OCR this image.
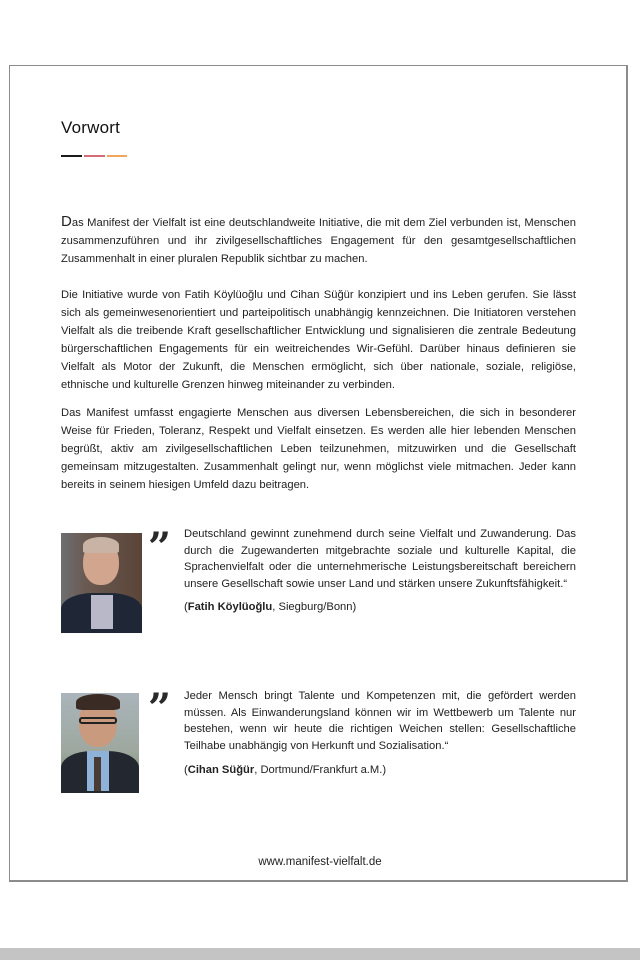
Vorwort
Das Manifest der Vielfalt ist eine deutschlandweite Initiative, die mit dem Ziel verbunden ist, Menschen zusammenzuführen und ihr zivilgesellschaftliches Engagement für den gesamtgesellschaftlichen Zusammenhalt in einer pluralen Republik sichtbar zu machen.
Die Initiative wurde von Fatih Köylüoğlu und Cihan Süğür konzipiert und ins Leben gerufen. Sie lässt sich als gemeinwesenorientiert und parteipolitisch unabhängig kennzeichnen. Die Initiatoren verstehen Vielfalt als die treibende Kraft gesellschaftlicher Entwicklung und signalisieren die zentrale Bedeutung bürgerschaftlichen Engagements für ein weitreichendes Wir-Gefühl. Darüber hinaus definieren sie Vielfalt als Motor der Zukunft, die Menschen ermöglicht, sich über nationale, soziale, religiöse, ethnische und kulturelle Grenzen hinweg miteinander zu verbinden.
Das Manifest umfasst engagierte Menschen aus diversen Lebensbereichen, die sich in besonderer Weise für Frieden, Toleranz, Respekt und Vielfalt einsetzen. Es werden alle hier lebenden Menschen begrüßt, aktiv am zivilgesellschaftlichen Leben teilzunehmen, mitzuwirken und die Gesellschaft gemeinsam mitzugestalten. Zusammenhalt gelingt nur, wenn möglichst viele mitmachen. Jeder kann bereits in seinem hiesigen Umfeld dazu beitragen.
” Deutschland gewinnt zunehmend durch seine Vielfalt und Zuwanderung. Das durch die Zugewanderten mitgebrachte soziale und kulturelle Kapital, die Sprachenvielfalt oder die unternehmerische Leistungsbereitschaft bereichern unsere Gesellschaft sowie unser Land und stärken unsere Zukunftsfähigkeit.“
(Fatih Köylüoğlu, Siegburg/Bonn)
” Jeder Mensch bringt Talente und Kompetenzen mit, die gefördert werden müssen. Als Einwanderungsland können wir im Wettbewerb um Talente nur bestehen, wenn wir heute die richtigen Weichen stellen: Gesellschaftliche Teilhabe unabhängig von Herkunft und Sozialisation.“
(Cihan Süğür, Dortmund/Frankfurt a.M.)
www.manifest-vielfalt.de
